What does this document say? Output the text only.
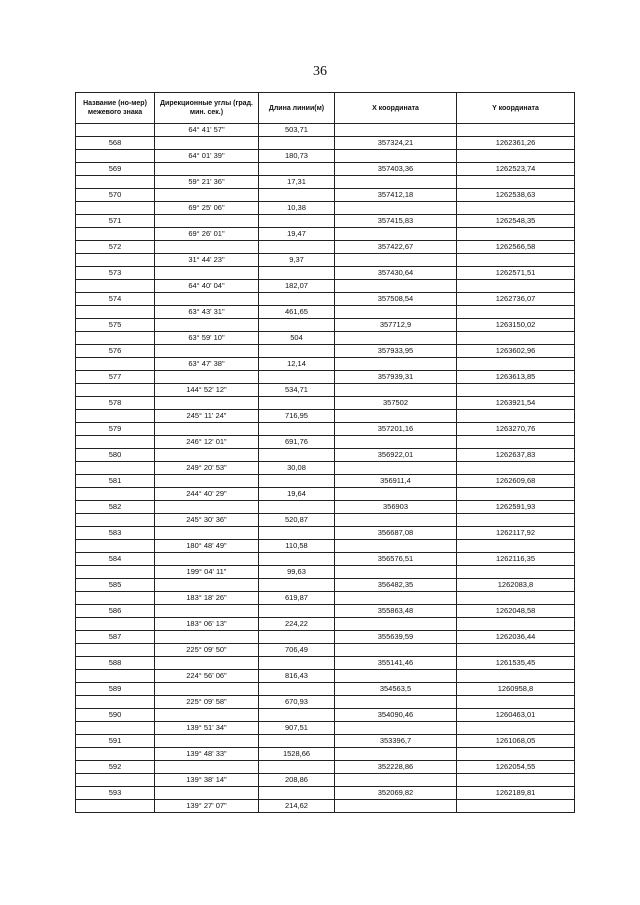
36
Название (но-мер) межевого знака	Дирекционные углы (град. мин. сек.)	Длина линии(м)	X координата	Y координата
	64° 41' 57"	503,71		
568			357324,21	1262361,26
	64° 01' 39"	180,73		
569			357403,36	1262523,74
	59° 21' 36"	17,31		
570			357412,18	1262538,63
	69° 25' 06"	10,38		
571			357415,83	1262548,35
	69° 26' 01"	19,47		
572			357422,67	1262566,58
	31° 44' 23"	9,37		
573			357430,64	1262571,51
	64° 40' 04"	182,07		
574			357508,54	1262736,07
	63° 43' 31"	461,65		
575			357712,9	1263150,02
	63° 59' 10"	504		
576			357933,95	1263602,96
	63° 47' 38"	12,14		
577			357939,31	1263613,85
	144° 52' 12"	534,71		
578			357502	1263921,54
	245° 11' 24"	716,95		
579			357201,16	1263270,76
	246° 12' 01"	691,76		
580			356922,01	1262637,83
	249° 20' 53"	30,08		
581			356911,4	1262609,68
	244° 40' 29"	19,64		
582			356903	1262591,93
	245° 30' 36"	520,87		
583			356687,08	1262117,92
	180° 48' 49"	110,58		
584			356576,51	1262116,35
	199° 04' 11"	99,63		
585			356482,35	1262083,8
	183° 18' 26"	619,87		
586			355863,48	1262048,58
	183° 06' 13"	224,22		
587			355639,59	1262036,44
	225° 09' 50"	706,49		
588			355141,46	1261535,45
	224° 56' 06"	816,43		
589			354563,5	1260958,8
	225° 09' 58"	670,93		
590			354090,46	1260463,01
	139° 51' 34"	907,51		
591			353396,7	1261068,05
	139° 48' 33"	1528,66		
592			352228,86	1262054,55
	139° 38' 14"	208,86		
593			352069,82	1262189,81
	139° 27' 07"	214,62		
